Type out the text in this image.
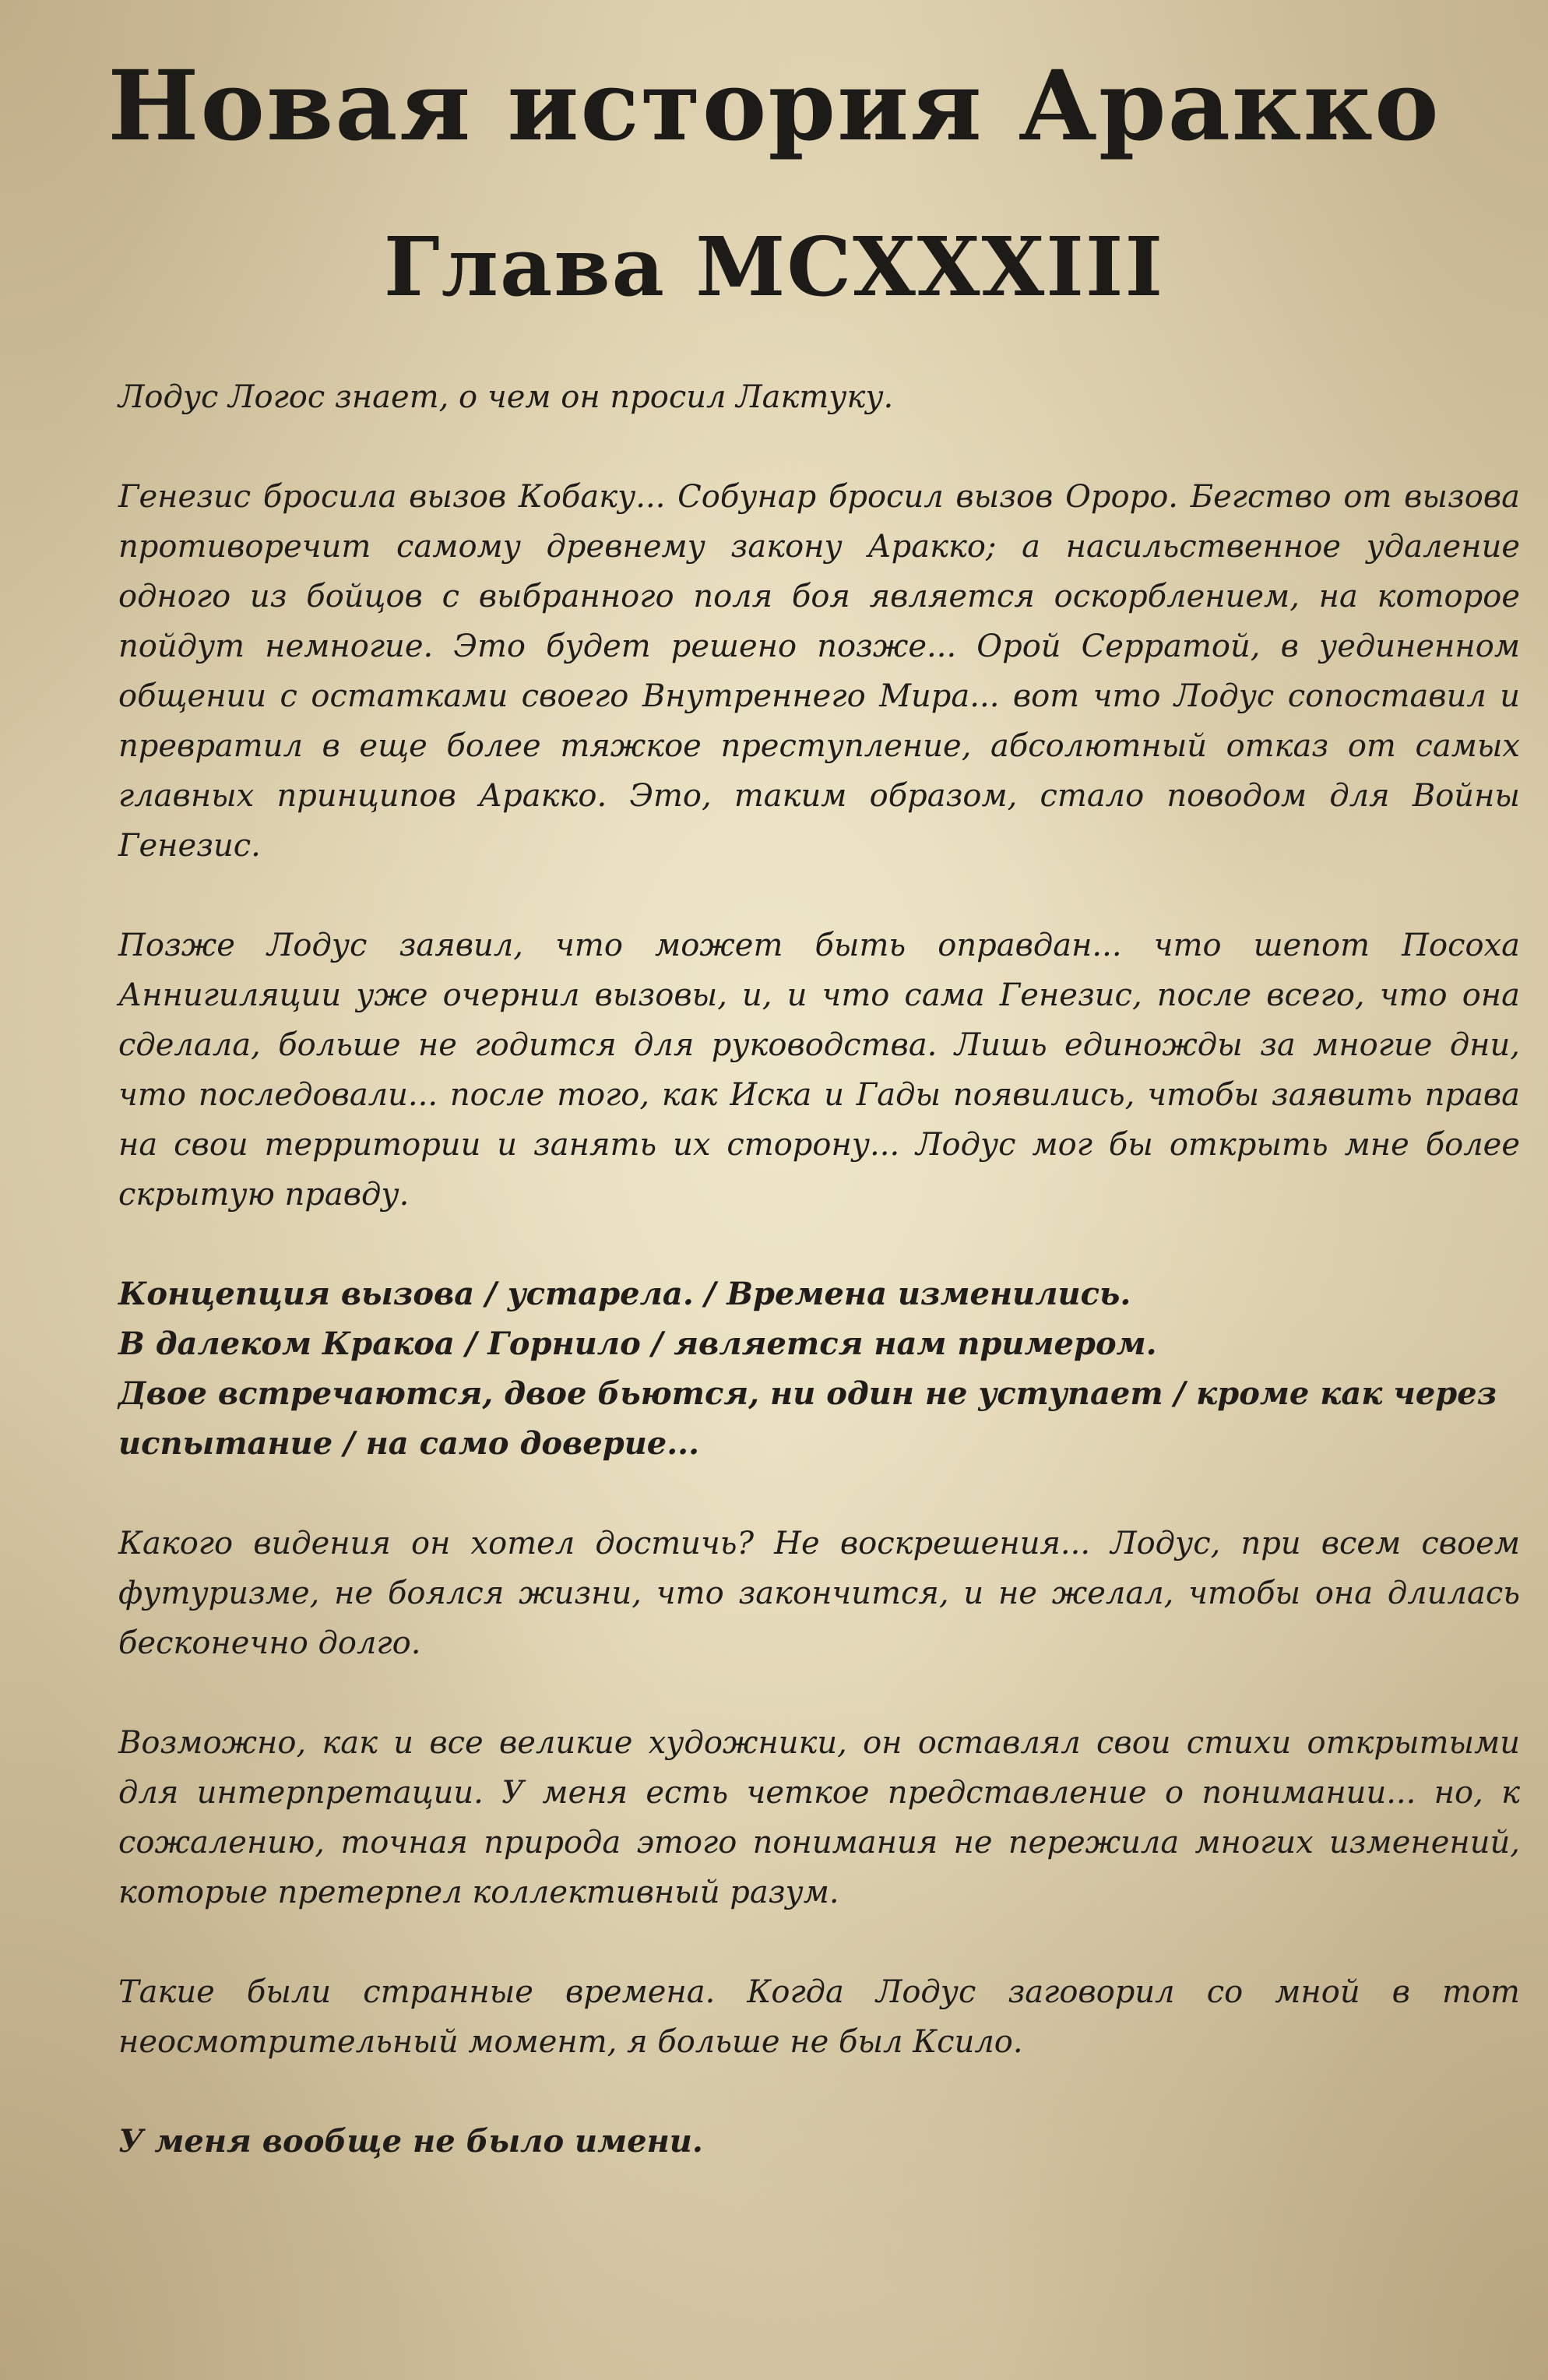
Новая история Аракко
Глава MCXXXIII

Лодус Логос знает, о чем он просил Лактуку.

Генезис бросила вызов Кобаку... Собунар бросил вызов Ороро. Бегство от вызова противоречит самому древнему закону Аракко; а насильственное удаление одного из бойцов с выбранного поля боя является оскорблением, на которое пойдут немногие. Это будет решено позже... Орой Серратой, в уединенном общении с остатками своего Внутреннего Мира... вот что Лодус сопоставил и превратил в еще более тяжкое преступление, абсолютный отказ от самых главных принципов Аракко. Это, таким образом, стало поводом для Войны Генезис.

Позже Лодус заявил, что может быть оправдан... что шепот Посоха Аннигиляции уже очернил вызовы, и, и что сама Генезис, после всего, что она сделала, больше не годится для руководства. Лишь единожды за многие дни, что последовали... после того, как Иска и Гады появились, чтобы заявить права на свои территории и занять их сторону... Лодус мог бы открыть мне более скрытую правду.

Концепция вызова / устарела. / Времена изменились.
В далеком Кракоа / Горнило / является нам примером.
Двое встречаются, двое бьются, ни один не уступает / кроме как через испытание / на само доверие...

Какого видения он хотел достичь? Не воскрешения... Лодус, при всем своем футуризме, не боялся жизни, что закончится, и не желал, чтобы она длилась бесконечно долго.

Возможно, как и все великие художники, он оставлял свои стихи открытыми для интерпретации. У меня есть четкое представление о понимании... но, к сожалению, точная природа этого понимания не пережила многих изменений, которые претерпел коллективный разум.

Такие были странные времена. Когда Лодус заговорил со мной в тот неосмотрительный момент, я больше не был Ксило.

У меня вообще не было имени.
